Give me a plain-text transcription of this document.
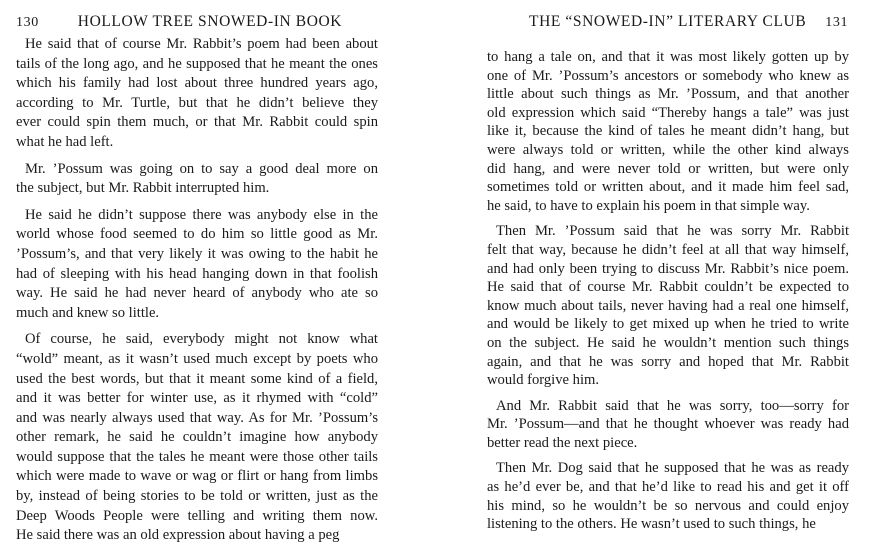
130	HOLLOW TREE SNOWED-IN BOOK
He said that of course Mr. Rabbit’s poem had been about
tails of the long ago, and he supposed that he meant the ones
which his family had lost about three hundred years ago,
according to Mr. Turtle, but that he didn’t believe they
ever could spin them much, or that Mr. Rabbit could spin
what he had left.
Mr. ’Possum was going on to say a good deal more on
the subject, but Mr. Rabbit interrupted him.
He said he didn’t suppose there was anybody else in the
world whose food seemed to do him so little good as Mr.
’Possum’s, and that very likely it was owing to the habit he
had of sleeping with his head hanging down in that foolish
way. He said he had never heard of anybody who ate so
much and knew so little.
Of course, he said, everybody might not know what
“wold” meant, as it wasn’t used much except by poets who
used the best words, but that it meant some kind of a field,
and it was better for winter use, as it rhymed with “cold”
and was nearly always used that way. As for Mr. ’Possum’s
other remark, he said he couldn’t imagine how anybody
would suppose that the tales he meant were those other tails
which were made to wave or wag or flirt or hang from limbs
by, instead of being stories to be told or written, just as the
Deep Woods People were telling and writing them now.
He said there was an old expression about having a peg
THE “SNOWED-IN” LITERARY CLUB 131
to hang a tale on, and that it was most likely gotten up by
one of Mr. ’Possum’s ancestors or somebody who knew as
little about such things as Mr. ’Possum, and that another
old expression which said “Thereby hangs a tale” was just
like it, because the kind of tales he meant didn’t hang, but
were always told or written, while the other kind always
did hang, and were never told or written, but were only
sometimes told or written about, and it made him feel sad,
he said, to have to explain his poem in that simple way.
Then Mr. ’Possum said that he was sorry Mr. Rabbit
felt that way, because he didn’t feel at all that way himself,
and had only been trying to discuss Mr. Rabbit’s nice poem.
He said that of course Mr. Rabbit couldn’t be expected to
know much about tails, never having had a real one himself,
and would be likely to get mixed up when he tried to write
on the subject. He said he wouldn’t mention such things
again, and that he was sorry and hoped that Mr. Rabbit
would forgive him.
And Mr. Rabbit said that he was sorry, too—sorry for
Mr. ’Possum—and that he thought whoever was ready had
better read the next piece.
Then Mr. Dog said that he supposed that he was as ready
as he’d ever be, and that he’d like to read his and get it off
his mind, so he wouldn’t be so nervous and could enjoy
listening to the others. He wasn’t used to such things, he
